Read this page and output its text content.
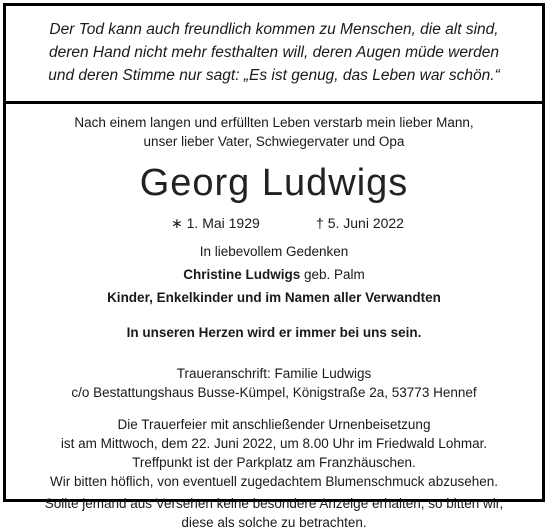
Der Tod kann auch freundlich kommen zu Menschen, die alt sind,
deren Hand nicht mehr festhalten will, deren Augen müde werden
und deren Stimme nur sagt: „Es ist genug, das Leben war schön.“
Nach einem langen und erfüllten Leben verstarb mein lieber Mann,
unser lieber Vater, Schwiegervater und Opa
Georg Ludwigs
∗ 1. Mai 1929	† 5. Juni 2022
In liebevollem Gedenken
Christine Ludwigs geb. Palm
Kinder, Enkelkinder und im Namen aller Verwandten
In unseren Herzen wird er immer bei uns sein.
Traueranschrift: Familie Ludwigs
c/o Bestattungshaus Busse-Kümpel, Königstraße 2a, 53773 Hennef
Die Trauerfeier mit anschließender Urnenbeisetzung
ist am Mittwoch, dem 22. Juni 2022, um 8.00 Uhr im Friedwald Lohmar.
Treffpunkt ist der Parkplatz am Franzhäuschen.
Wir bitten höflich, von eventuell zugedachtem Blumenschmuck abzusehen.
Sollte jemand aus Versehen keine besondere Anzeige erhalten, so bitten wir,
diese als solche zu betrachten.
